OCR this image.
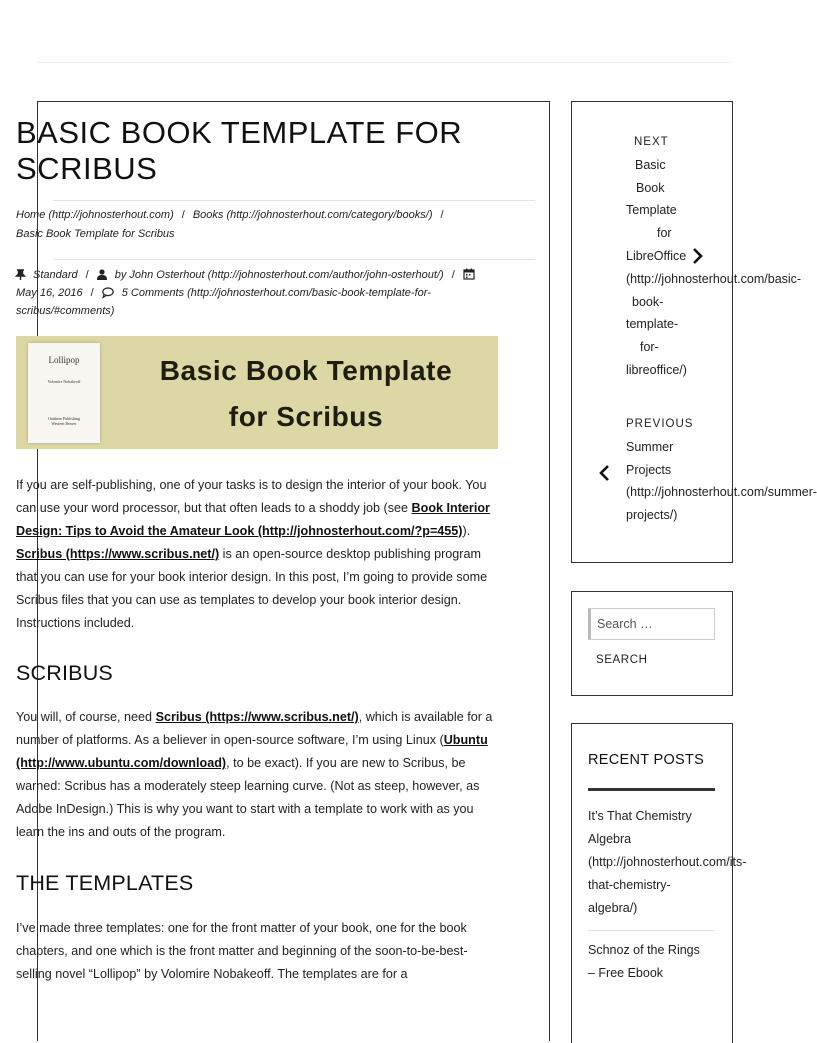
BASIC BOOK TEMPLATE FOR SCRIBUS
Home (http://johnosterhout.com) / Books (http://johnosterhout.com/category/books/) /
Basic Book Template for Scribus
Standard / by John Osterhout (http://johnosterhout.com/author/john-osterhout/) /May 16, 2016 /	5 Comments (http://johnosterhout.com/basic-book-template-for-scribus/#comments)
Lollipop
Volomire Nobakeoff
Outthere Publishing
Western Beaver
Basic Book Template
for Scribus

If you are self-publishing, one of your tasks is to design the interior of your book. You can use your word processor, but that often leads to a shoddy job (see Book Interior Design: Tips to Avoid the Amateur Look (http://johnosterhout.com/?p=455)). Scribus (https://www.scribus.net/) is an open-source desktop publishing program that you can use for your book interior design. In this post, I’m going to provide some Scribus files that you can use as templates to develop your book interior design. Instructions included.

SCRIBUS

You will, of course, need Scribus (https://www.scribus.net/), which is available for a number of platforms. As a believer in open-source software, I’m using Linux (Ubuntu (http://www.ubuntu.com/download), to be exact). If you are new to Scribus, be warned: Scribus has a moderately steep learning curve. (Not as steep, however, as Adobe InDesign.) This is why you want to start with a template to work with as you learn the ins and outs of the program.

THE TEMPLATES

I’ve made three templates: one for the front matter of your book, one for the book chapters, and one which is the front matter and beginning of the soon-to-be-best-selling novel “Lollipop” by Volomire Nobakeoff. The templates are for a

NEXT
Basic
Book
Template
for
LibreOffice
(http://johnosterhout.com/basic-
book-
template-
for-
libreoffice/)
PREVIOUS
Summer
Projects
(http://johnosterhout.com/summer-
projects/)
Search …
SEARCH
RECENT POSTS
It’s That Chemistry
Algebra
(http://johnosterhout.com/its-
that-chemistry-
algebra/)
Schnoz of the Rings
– Free Ebook
